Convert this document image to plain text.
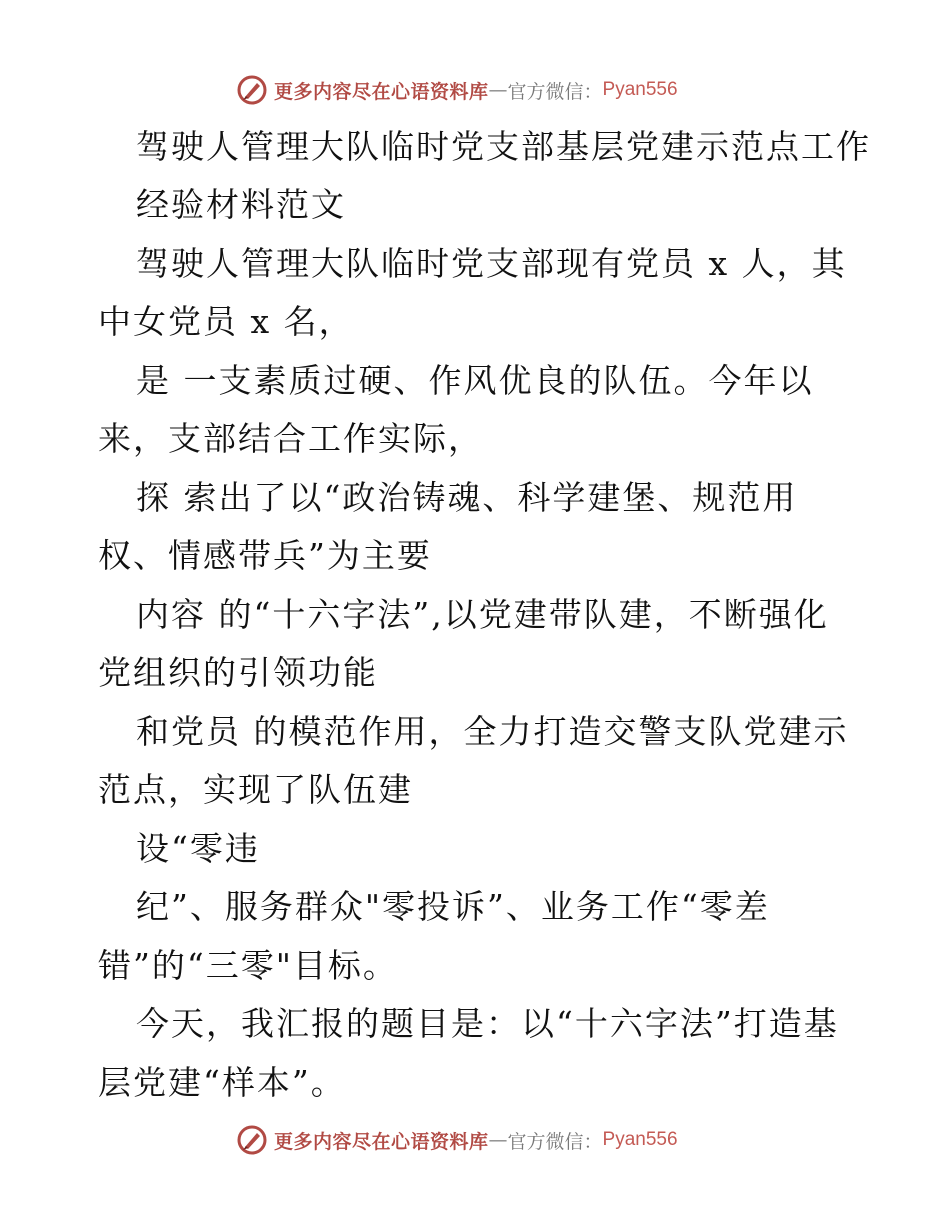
更多内容尽在心语资料库 — 官方微信： Pyan556
驾驶人管理大队临时党支部基层党建示范点工作
经验材料范文
驾驶人管理大队临时党支部现有党员 x 人，其
中女党员 x 名，
是 一支素质过硬、作风优良的队伍。今年以
来，支部结合工作实际，
探 索出了以“政治铸魂、科学建堡、规范用
权、情感带兵”为主要
内容 的“十六字法”,以党建带队建，不断强化
党组织的引领功能
和党员 的模范作用，全力打造交警支队党建示
范点，实现了队伍建
设“零违
纪”、服务群众"零投诉”、业务工作“零差
错”的“三零"目标。
今天，我汇报的题目是：以“十六字法”打造基
层党建“样本”。
更多内容尽在心语资料库 — 官方微信： Pyan556
